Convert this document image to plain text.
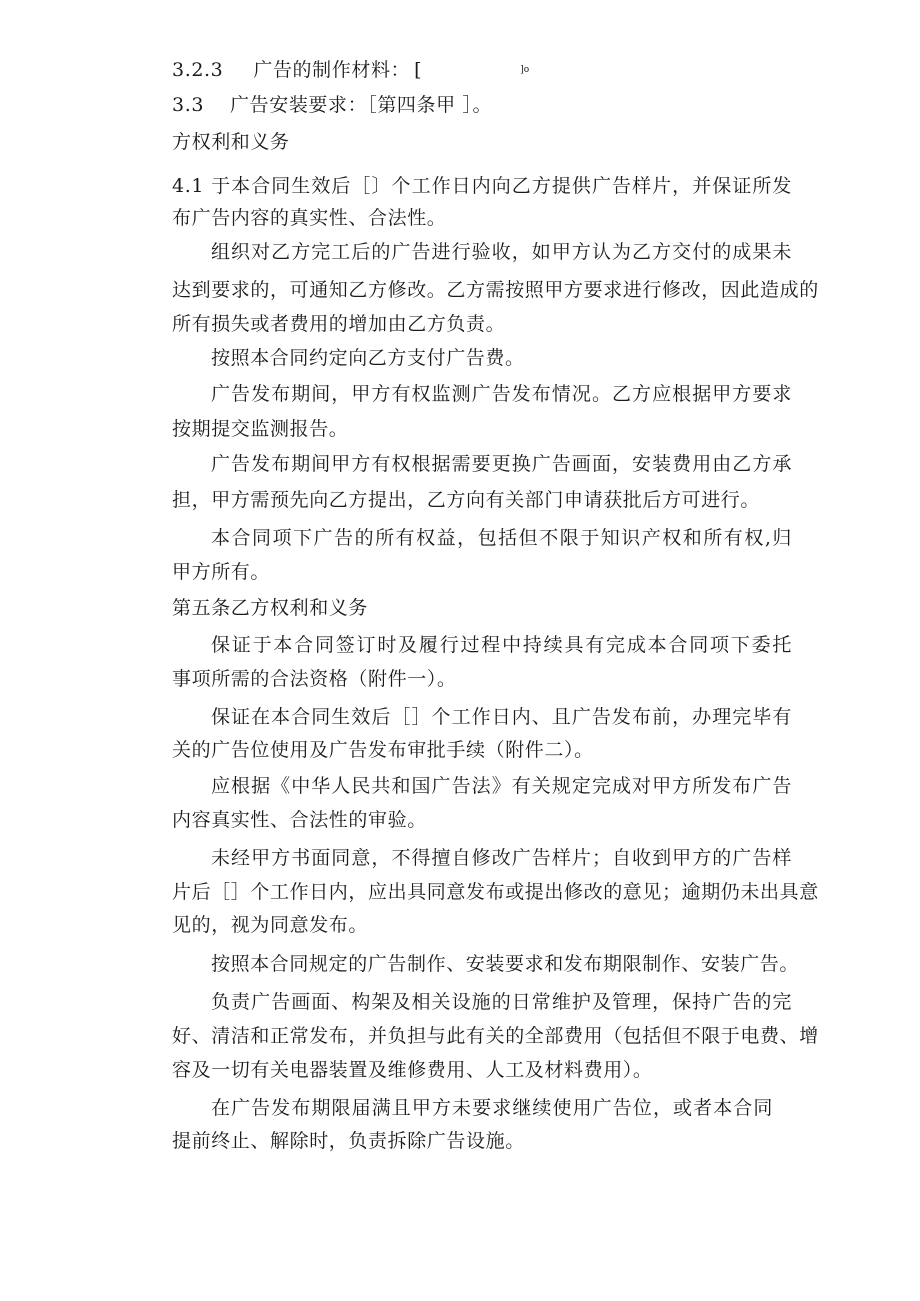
3.2.3 广告的制作材料： [	$^{]o}$
3.3 广告安装要求：［第四条甲 ］。
方权利和义务
4.1 于本合同生效后［〕个工作日内向乙方提供广告样片，并保证所发
布广告内容的真实性、合法性。
组织对乙方完工后的广告进行验收，如甲方认为乙方交付的成果未
达到要求的，可通知乙方修改。乙方需按照甲方要求进行修改，因此造成的
所有损失或者费用的增加由乙方负责。
按照本合同约定向乙方支付广告费。
广告发布期间，甲方有权监测广告发布情况。乙方应根据甲方要求
按期提交监测报告。
广告发布期间甲方有权根据需要更换广告画面，安装费用由乙方承
担，甲方需预先向乙方提出，乙方向有关部门申请获批后方可进行。
本合同项下广告的所有权益，包括但不限于知识产权和所有权,归
甲方所有。
第五条乙方权利和义务
保证于本合同签订时及履行过程中持续具有完成本合同项下委托
事项所需的合法资格（附件一）。
保证在本合同生效后［］个工作日内、且广告发布前，办理完毕有
关的广告位使用及广告发布审批手续（附件二）。
应根据《中华人民共和国广告法》有关规定完成对甲方所发布广告
内容真实性、合法性的审验。
未经甲方书面同意，不得擅自修改广告样片；自收到甲方的广告样
片后［］个工作日内，应出具同意发布或提出修改的意见；逾期仍未出具意
见的，视为同意发布。
按照本合同规定的广告制作、安装要求和发布期限制作、安装广告。
负责广告画面、构架及相关设施的日常维护及管理，保持广告的完
好、清洁和正常发布，并负担与此有关的全部费用（包括但不限于电费、增
容及一切有关电器装置及维修费用、人工及材料费用）。
在广告发布期限届满且甲方未要求继续使用广告位，或者本合同
提前终止、解除时，负责拆除广告设施。
